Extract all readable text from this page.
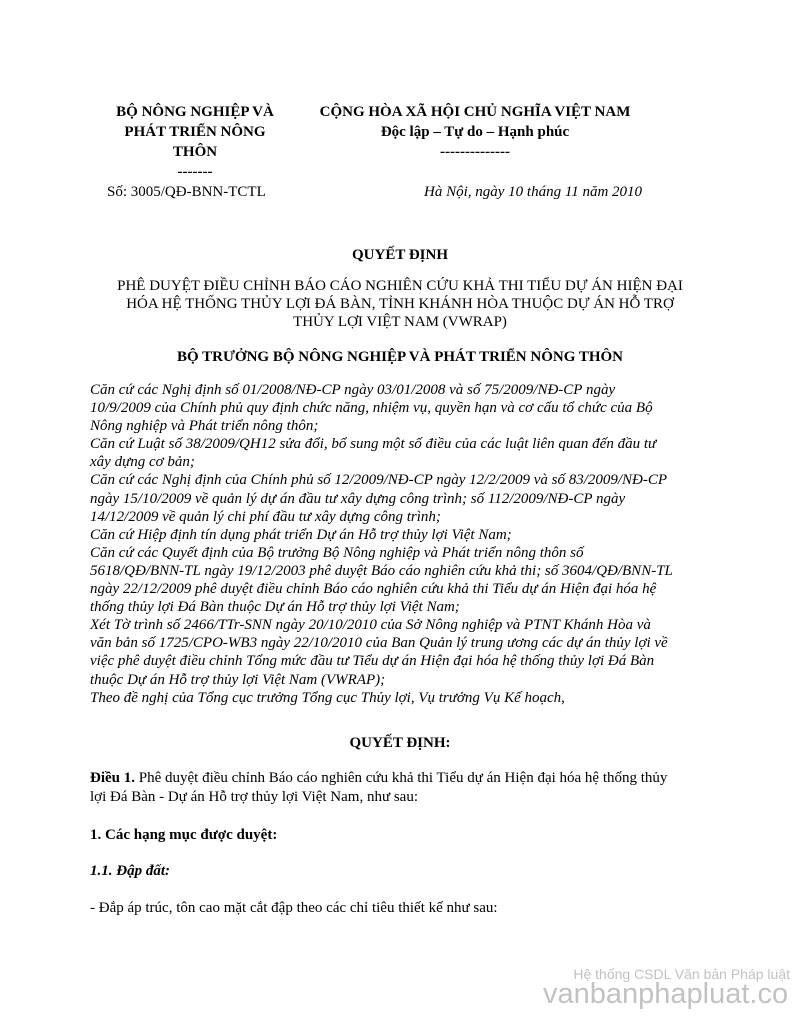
BỘ NÔNG NGHIỆP VÀ
PHÁT TRIỂN NÔNG
THÔN
-------
CỘNG HÒA XÃ HỘI CHỦ NGHĨA VIỆT NAM
Độc lập – Tự do – Hạnh phúc
--------------
Số: 3005/QĐ-BNN-TCTL	Hà Nội, ngày 10 tháng 11 năm 2010
QUYẾT ĐỊNH
PHÊ DUYỆT ĐIỀU CHỈNH BÁO CÁO NGHIÊN CỨU KHẢ THI TIỂU DỰ ÁN HIỆN ĐẠI
HÓA HỆ THỐNG THỦY LỢI ĐÁ BÀN, TỈNH KHÁNH HÒA THUỘC DỰ ÁN HỖ TRỢ
THỦY LỢI VIỆT NAM (VWRAP)
BỘ TRƯỞNG BỘ NÔNG NGHIỆP VÀ PHÁT TRIỂN NÔNG THÔN

Căn cứ các Nghị định số 01/2008/NĐ-CP ngày 03/01/2008 và số 75/2009/NĐ-CP ngày

10/9/2009 của Chính phủ quy định chức năng, nhiệm vụ, quyền hạn và cơ cấu tổ chức của Bộ

Nông nghiệp và Phát triển nông thôn;

Căn cứ Luật số 38/2009/QH12 sửa đổi, bổ sung một số điều của các luật liên quan đến đầu tư

xây dựng cơ bản;

Căn cứ các Nghị định của Chính phủ số 12/2009/NĐ-CP ngày 12/2/2009 và số 83/2009/NĐ-CP

ngày 15/10/2009 về quản lý dự án đầu tư xây dựng công trình; số 112/2009/NĐ-CP ngày

14/12/2009 về quản lý chi phí đầu tư xây dựng công trình;

Căn cứ Hiệp định tín dụng phát triển Dự án Hỗ trợ thủy lợi Việt Nam;

Căn cứ các Quyết định của Bộ trưởng Bộ Nông nghiệp và Phát triển nông thôn số

5618/QĐ/BNN-TL ngày 19/12/2003 phê duyệt Báo cáo nghiên cứu khả thi; số 3604/QĐ/BNN-TL

ngày 22/12/2009 phê duyệt điều chỉnh Báo cáo nghiên cứu khả thi Tiểu dự án Hiện đại hóa hệ

thống thủy lợi Đá Bàn thuộc Dự án Hỗ trợ thủy lợi Việt Nam;

Xét Tờ trình số 2466/TTr-SNN ngày 20/10/2010 của Sở Nông nghiệp và PTNT Khánh Hòa và

văn bản số 1725/CPO-WB3 ngày 22/10/2010 của Ban Quản lý trung ương các dự án thủy lợi về

việc phê duyệt điều chỉnh Tổng mức đầu tư Tiểu dự án Hiện đại hóa hệ thống thủy lợi Đá Bàn

thuộc Dự án Hỗ trợ thủy lợi Việt Nam (VWRAP);

Theo đề nghị của Tổng cục trưởng Tổng cục Thủy lợi, Vụ trưởng Vụ Kế hoạch,

QUYẾT ĐỊNH:
Điều 1. Phê duyệt điều chỉnh Báo cáo nghiên cứu khả thi Tiểu dự án Hiện đại hóa hệ thống thủy
lợi Đá Bàn - Dự án Hỗ trợ thủy lợi Việt Nam, như sau:
1. Các hạng mục được duyệt:
1.1. Đập đất:
- Đắp áp trúc, tôn cao mặt cắt đập theo các chỉ tiêu thiết kế như sau:
Hệ thống CSDL Văn bản Pháp luật
vanbanphapluat.co
